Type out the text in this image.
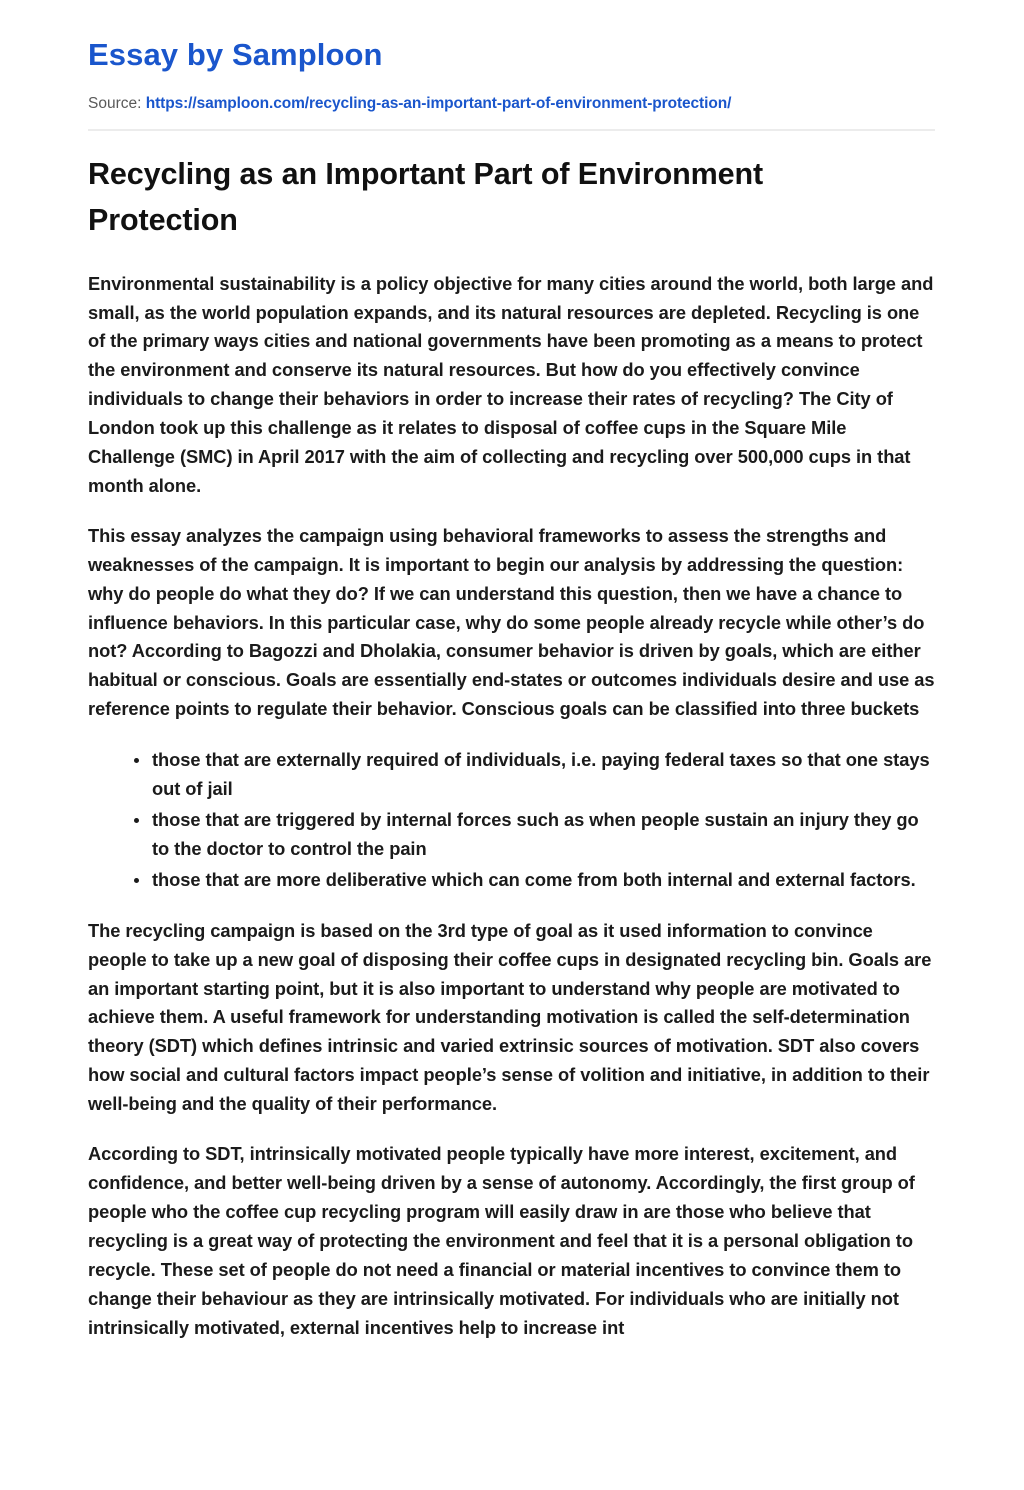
Essay by Samploon
Source: https://samploon.com/recycling-as-an-important-part-of-environment-protection/
Recycling as an Important Part of Environment Protection

Environmental sustainability is a policy objective for many cities around the world, both large and small, as the world population expands, and its natural resources are depleted. Recycling is one of the primary ways cities and national governments have been promoting as a means to protect the environment and conserve its natural resources. But how do you effectively convince individuals to change their behaviors in order to increase their rates of recycling? The City of London took up this challenge as it relates to disposal of coffee cups in the Square Mile Challenge (SMC) in April 2017 with the aim of collecting and recycling over 500,000 cups in that month alone.

This essay analyzes the campaign using behavioral frameworks to assess the strengths and weaknesses of the campaign. It is important to begin our analysis by addressing the question: why do people do what they do? If we can understand this question, then we have a chance to influence behaviors. In this particular case, why do some people already recycle while other’s do not? According to Bagozzi and Dholakia, consumer behavior is driven by goals, which are either habitual or conscious. Goals are essentially end-states or outcomes individuals desire and use as reference points to regulate their behavior. Conscious goals can be classified into three buckets

those that are externally required of individuals, i.e. paying federal taxes so that one stays out of jail
those that are triggered by internal forces such as when people sustain an injury they go to the doctor to control the pain
those that are more deliberative which can come from both internal and external factors.

The recycling campaign is based on the 3rd type of goal as it used information to convince people to take up a new goal of disposing their coffee cups in designated recycling bin. Goals are an important starting point, but it is also important to understand why people are motivated to achieve them. A useful framework for understanding motivation is called the self-determination theory (SDT) which defines intrinsic and varied extrinsic sources of motivation. SDT also covers how social and cultural factors impact people’s sense of volition and initiative, in addition to their well-being and the quality of their performance.

According to SDT, intrinsically motivated people typically have more interest, excitement, and confidence, and better well-being driven by a sense of autonomy. Accordingly, the first group of people who the coffee cup recycling program will easily draw in are those who believe that recycling is a great way of protecting the environment and feel that it is a personal obligation to recycle. These set of people do not need a financial or material incentives to convince them to change their behaviour as they are intrinsically motivated. For individuals who are initially not intrinsically motivated, external incentives help to increase int
